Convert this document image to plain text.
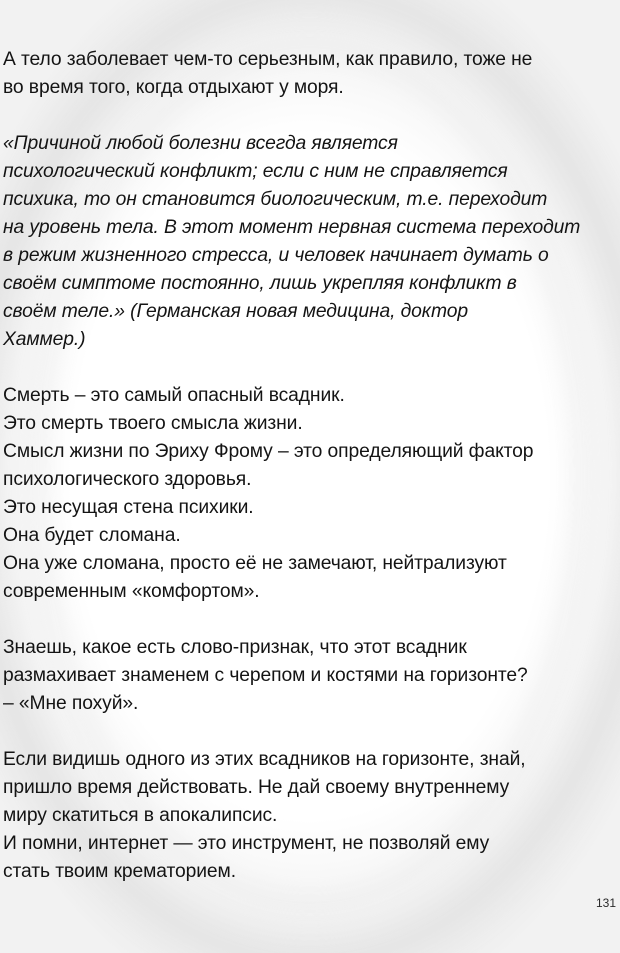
А тело заболевает чем-то серьезным, как правило, тоже не
во время того, когда отдыхают у моря.

«Причиной любой болезни всегда является
психологический конфликт; если с ним не справляется
психика, то он становится биологическим, т.е. переходит
на уровень тела. В этот момент нервная система переходит
в режим жизненного стресса, и человек начинает думать о
своём симптоме постоянно, лишь укрепляя конфликт в
своём теле.» (Германская новая медицина, доктор
Хаммер.)

Смерть – это самый опасный всадник.
Это смерть твоего смысла жизни.
Смысл жизни по Эриху Фрому – это определяющий фактор
психологического здоровья.
Это несущая стена психики.
Она будет сломана.
Она уже сломана, просто её не замечают, нейтрализуют
современным «комфортом».

Знаешь, какое есть слово-признак, что этот всадник
размахивает знаменем с черепом и костями на горизонте?
– «Мне похуй».

Если видишь одного из этих всадников на горизонте, знай,
пришло время действовать. Не дай своему внутреннему
миру скатиться в апокалипсис.
И помни, интернет — это инструмент, не позволяй ему
стать твоим крематорием.

131
